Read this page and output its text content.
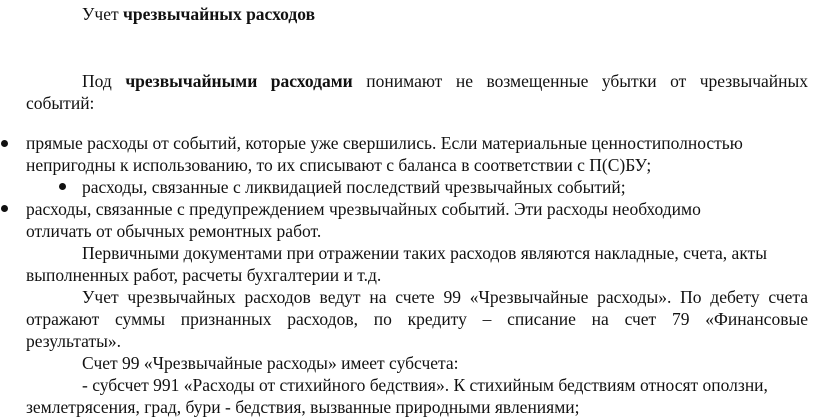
Учет чрезвычайных расходов
Под чрезвычайными расходами понимают не возмещенные убытки от чрезвычайных
событий:
прямые расходы от событий, которые уже свершились. Если материальные ценностиполностью
непригодны к использованию, то их списывают с баланса в соответствии с П(С)БУ;
расходы, связанные с ликвидацией последствий чрезвычайных событий;
расходы, связанные с предупреждением чрезвычайных событий. Эти расходы необходимо
отличать от обычных ремонтных работ.
Первичными документами при отражении таких расходов являются накладные, счета, акты
выполненных работ, расчеты бухгалтерии и т.д.
Учет чрезвычайных расходов ведут на счете 99 «Чрезвычайные расходы». По дебету счета
отражают суммы признанных расходов, по кредиту – списание на счет 79 «Финансовые
результаты».
Счет 99 «Чрезвычайные расходы» имеет субсчета:
- субсчет 991 «Расходы от стихийного бедствия». К стихийным бедствиям относят оползни,
землетрясения, град, бури - бедствия, вызванные природными явлениями;
